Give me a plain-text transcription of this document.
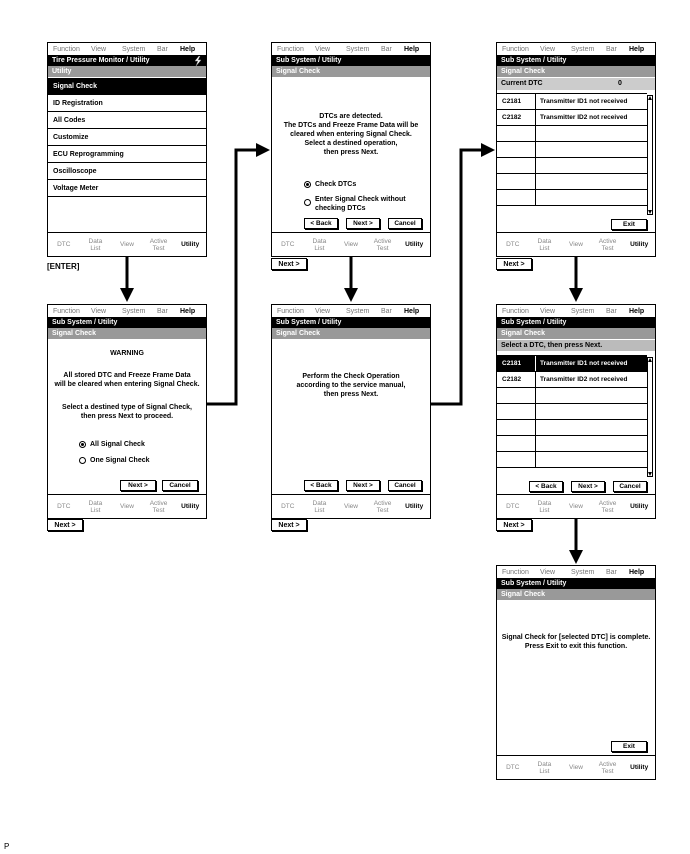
Function View System Bar Help
Tire Pressure Monitor / Utility
Utility
Signal Check
ID Registration
All Codes
Customize
ECU Reprogramming
Oscilloscope
Voltage Meter
DTC	Data
List	View Active
Test	Utility
[ENTER]
Function View System Bar Help
Sub System / Utility
Signal Check
WARNING
All stored DTC and Freeze Frame Data
will be cleared when entering Signal Check.
Select a destined type of Signal Check,
then press Next to proceed.
All Signal Check
One Signal Check
Next >	Cancel
DTC	Data
List	View Active
Test	Utility
Next >
Function View System Bar Help
Sub System / Utility
Signal Check
DTCs are detected.
The DTCs and Freeze Frame Data will be
cleared when entering Signal Check.
Select a destined operation,
then press Next.
Check DTCs
Enter Signal Check without
checking DTCs
< Back	Next >	Cancel
DTC	Data
List	View Active
Test	Utility
Next >
Function View System Bar Help
Sub System / Utility
Signal Check
Perform the Check Operation
according to the service manual,
then press Next.
< Back	Next >	Cancel
DTC	Data
List	View Active
Test	Utility
Next >
Function View System Bar Help
Sub System / Utility
Signal Check
Current DTC	0
C2181	Transmitter ID1 not received
C2182	Transmitter ID2 not received
Exit
DTC	Data
List	View Active
Test	Utility
Next >
Function View System Bar Help
Sub System / Utility
Signal Check
Select a DTC, then press Next.
C2181	Transmitter ID1 not received
C2182	Transmitter ID2 not received
< Back	Next >	Cancel
DTC	Data
List	View Active
Test	Utility
Next >
Function View System Bar Help
Sub System / Utility
Signal Check
Signal Check for [selected DTC] is complete.
Press Exit to exit this function.
Exit
DTC	Data
List	View Active
Test	Utility
P
